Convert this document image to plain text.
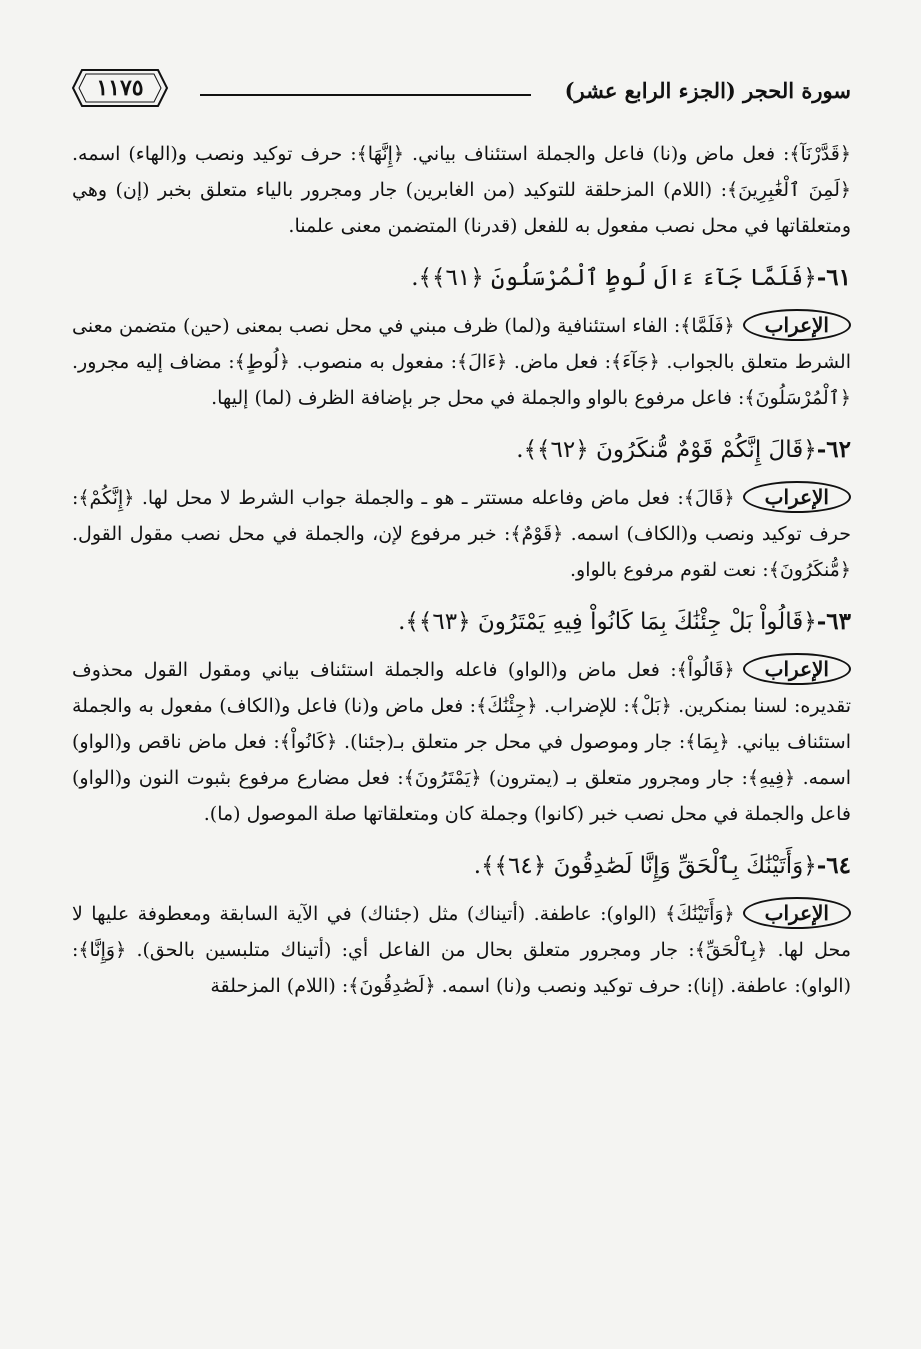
سورة الحجر (الجزء الرابع عشر)
١١٧٥

﴿قَدَّرْنَآ﴾: فعل ماض و(نا) فاعل والجملة استئناف بياني. ﴿إِنَّهَا﴾: حرف توكيد ونصب و(الهاء) اسمه. ﴿لَمِنَ ٱلْغَٰبِرِينَ﴾: (اللام) المزحلقة للتوكيد (من الغابرين) جار ومجرور بالياء متعلق بخبر (إن) وهي ومتعلقاتها في محل نصب مفعول به للفعل (قدرنا) المتضمن معنى علمنا.

٦١-﴿فَلَمَّا جَآءَ ءَالَ لُوطٍ ٱلْمُرْسَلُونَ ﴿٦١﴾﴾.

الإعراب﴿فَلَمَّا﴾: الفاء استئنافية و(لما) ظرف مبني في محل نصب بمعنى (حين) متضمن معنى الشرط متعلق بالجواب. ﴿جَآءَ﴾: فعل ماض. ﴿ءَالَ﴾: مفعول به منصوب. ﴿لُوطٍ﴾: مضاف إليه مجرور. ﴿ٱلْمُرْسَلُونَ﴾: فاعل مرفوع بالواو والجملة في محل جر بإضافة الظرف (لما) إليها.

٦٢-﴿قَالَ إِنَّكُمْ قَوْمٌ مُّنكَرُونَ ﴿٦٢﴾﴾.

الإعراب﴿قَالَ﴾: فعل ماض وفاعله مستتر ـ هو ـ والجملة جواب الشرط لا محل لها. ﴿إِنَّكُمْ﴾: حرف توكيد ونصب و(الكاف) اسمه. ﴿قَوْمٌ﴾: خبر مرفوع لإن، والجملة في محل نصب مقول القول. ﴿مُّنكَرُونَ﴾: نعت لقوم مرفوع بالواو.

٦٣-﴿قَالُواْ بَلْ جِئْنَٰكَ بِمَا كَانُواْ فِيهِ يَمْتَرُونَ ﴿٦٣﴾﴾.

الإعراب﴿قَالُواْ﴾: فعل ماض و(الواو) فاعله والجملة استئناف بياني ومقول القول محذوف تقديره: لسنا بمنكرين. ﴿بَلْ﴾: للإضراب. ﴿جِئْنَٰكَ﴾: فعل ماض و(نا) فاعل و(الكاف) مفعول به والجملة استئناف بياني. ﴿بِمَا﴾: جار وموصول في محل جر متعلق بـ(جئنا). ﴿كَانُواْ﴾: فعل ماض ناقص و(الواو) اسمه. ﴿فِيهِ﴾: جار ومجرور متعلق بـ (يمترون) ﴿يَمْتَرُونَ﴾: فعل مضارع مرفوع بثبوت النون و(الواو) فاعل والجملة في محل نصب خبر (كانوا) وجملة كان ومتعلقاتها صلة الموصول (ما).

٦٤-﴿وَأَتَيْنَٰكَ بِٱلْحَقِّ وَإِنَّا لَصَٰدِقُونَ ﴿٦٤﴾﴾.

الإعراب﴿وَأَتَيْنَٰكَ﴾ (الواو): عاطفة. (أتيناك) مثل (جئناك) في الآية السابقة ومعطوفة عليها لا محل لها. ﴿بِٱلْحَقِّ﴾: جار ومجرور متعلق بحال من الفاعل أي: (أتيناك متلبسين بالحق). ﴿وَإِنَّا﴾: (الواو): عاطفة. (إنا): حرف توكيد ونصب و(نا) اسمه. ﴿لَصَٰدِقُونَ﴾: (اللام) المزحلقة
